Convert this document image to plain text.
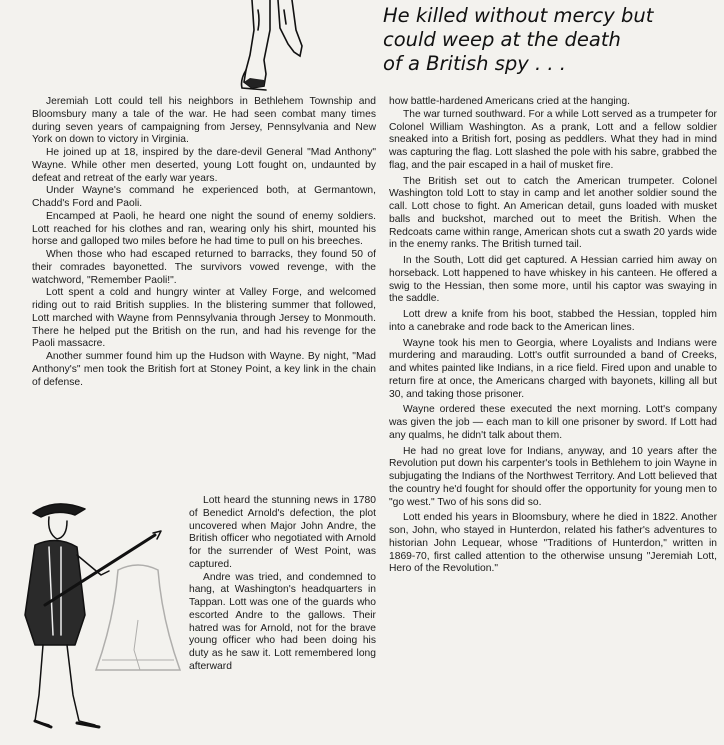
He killed without mercy but
could weep at the death
of a British spy . . .

Jeremiah Lott could tell his neighbors in Bethlehem Township and Bloomsbury many a tale of the war. He had seen combat many times during seven years of campaigning from Jersey, Pennsylvania and New York on down to victory in Virginia.

He joined up at 18, inspired by the dare-devil General "Mad Anthony" Wayne. While other men deserted, young Lott fought on, undaunted by defeat and retreat of the early war years.

Under Wayne's command he experienced both, at Germantown, Chadd's Ford and Paoli.

Encamped at Paoli, he heard one night the sound of enemy soldiers. Lott reached for his clothes and ran, wearing only his shirt, mounted his horse and galloped two miles before he had time to pull on his breeches.

When those who had escaped returned to barracks, they found 50 of their comrades bayonetted. The survivors vowed revenge, with the watchword, "Remember Paoli!".

Lott spent a cold and hungry winter at Valley Forge, and welcomed riding out to raid British supplies. In the blistering summer that followed, Lott marched with Wayne from Pennsylvania through Jersey to Monmouth. There he helped put the British on the run, and had his revenge for the Paoli massacre.

Another summer found him up the Hudson with Wayne. By night, "Mad Anthony's" men took the British fort at Stoney Point, a key link in the chain of defense.

Lott heard the stunning news in 1780 of Benedict Arnold's defection, the plot uncovered when Major John Andre, the British officer who negotiated with Arnold for the surrender of West Point, was captured.

Andre was tried, and condemned to hang, at Washington's headquarters in Tappan. Lott was one of the guards who escorted Andre to the gallows. Their hatred was for Arnold, not for the brave young officer who had been doing his duty as he saw it. Lott remembered long afterward

how battle-hardened Americans cried at the hanging.

The war turned southward. For a while Lott served as a trumpeter for Colonel William Washington. As a prank, Lott and a fellow soldier sneaked into a British fort, posing as peddlers. What they had in mind was capturing the flag. Lott slashed the pole with his sabre, grabbed the flag, and the pair escaped in a hail of musket fire.

The British set out to catch the American trumpeter. Colonel Washington told Lott to stay in camp and let another soldier sound the call. Lott chose to fight. An American detail, guns loaded with musket balls and buckshot, marched out to meet the British. When the Redcoats came within range, American shots cut a swath 20 yards wide in the enemy ranks. The British turned tail.

In the South, Lott did get captured. A Hessian carried him away on horseback. Lott happened to have whiskey in his canteen. He offered a swig to the Hessian, then some more, until his captor was swaying in the saddle.

Lott drew a knife from his boot, stabbed the Hessian, toppled him into a canebrake and rode back to the American lines.

Wayne took his men to Georgia, where Loyalists and Indians were murdering and marauding. Lott's outfit surrounded a band of Creeks, and whites painted like Indians, in a rice field. Fired upon and unable to return fire at once, the Americans charged with bayonets, killing all but 30, and taking those prisoner.

Wayne ordered these executed the next morning. Lott's company was given the job — each man to kill one prisoner by sword. If Lott had any qualms, he didn't talk about them.

He had no great love for Indians, anyway, and 10 years after the Revolution put down his carpenter's tools in Bethlehem to join Wayne in subjugating the Indians of the Northwest Territory. And Lott believed that the country he'd fought for should offer the opportunity for young men to "go west." Two of his sons did so.

Lott ended his years in Bloomsbury, where he died in 1822. Another son, John, who stayed in Hunterdon, related his father's adventures to historian John Lequear, whose "Traditions of Hunterdon," written in 1869-70, first called attention to the otherwise unsung "Jeremiah Lott, Hero of the Revolution."
